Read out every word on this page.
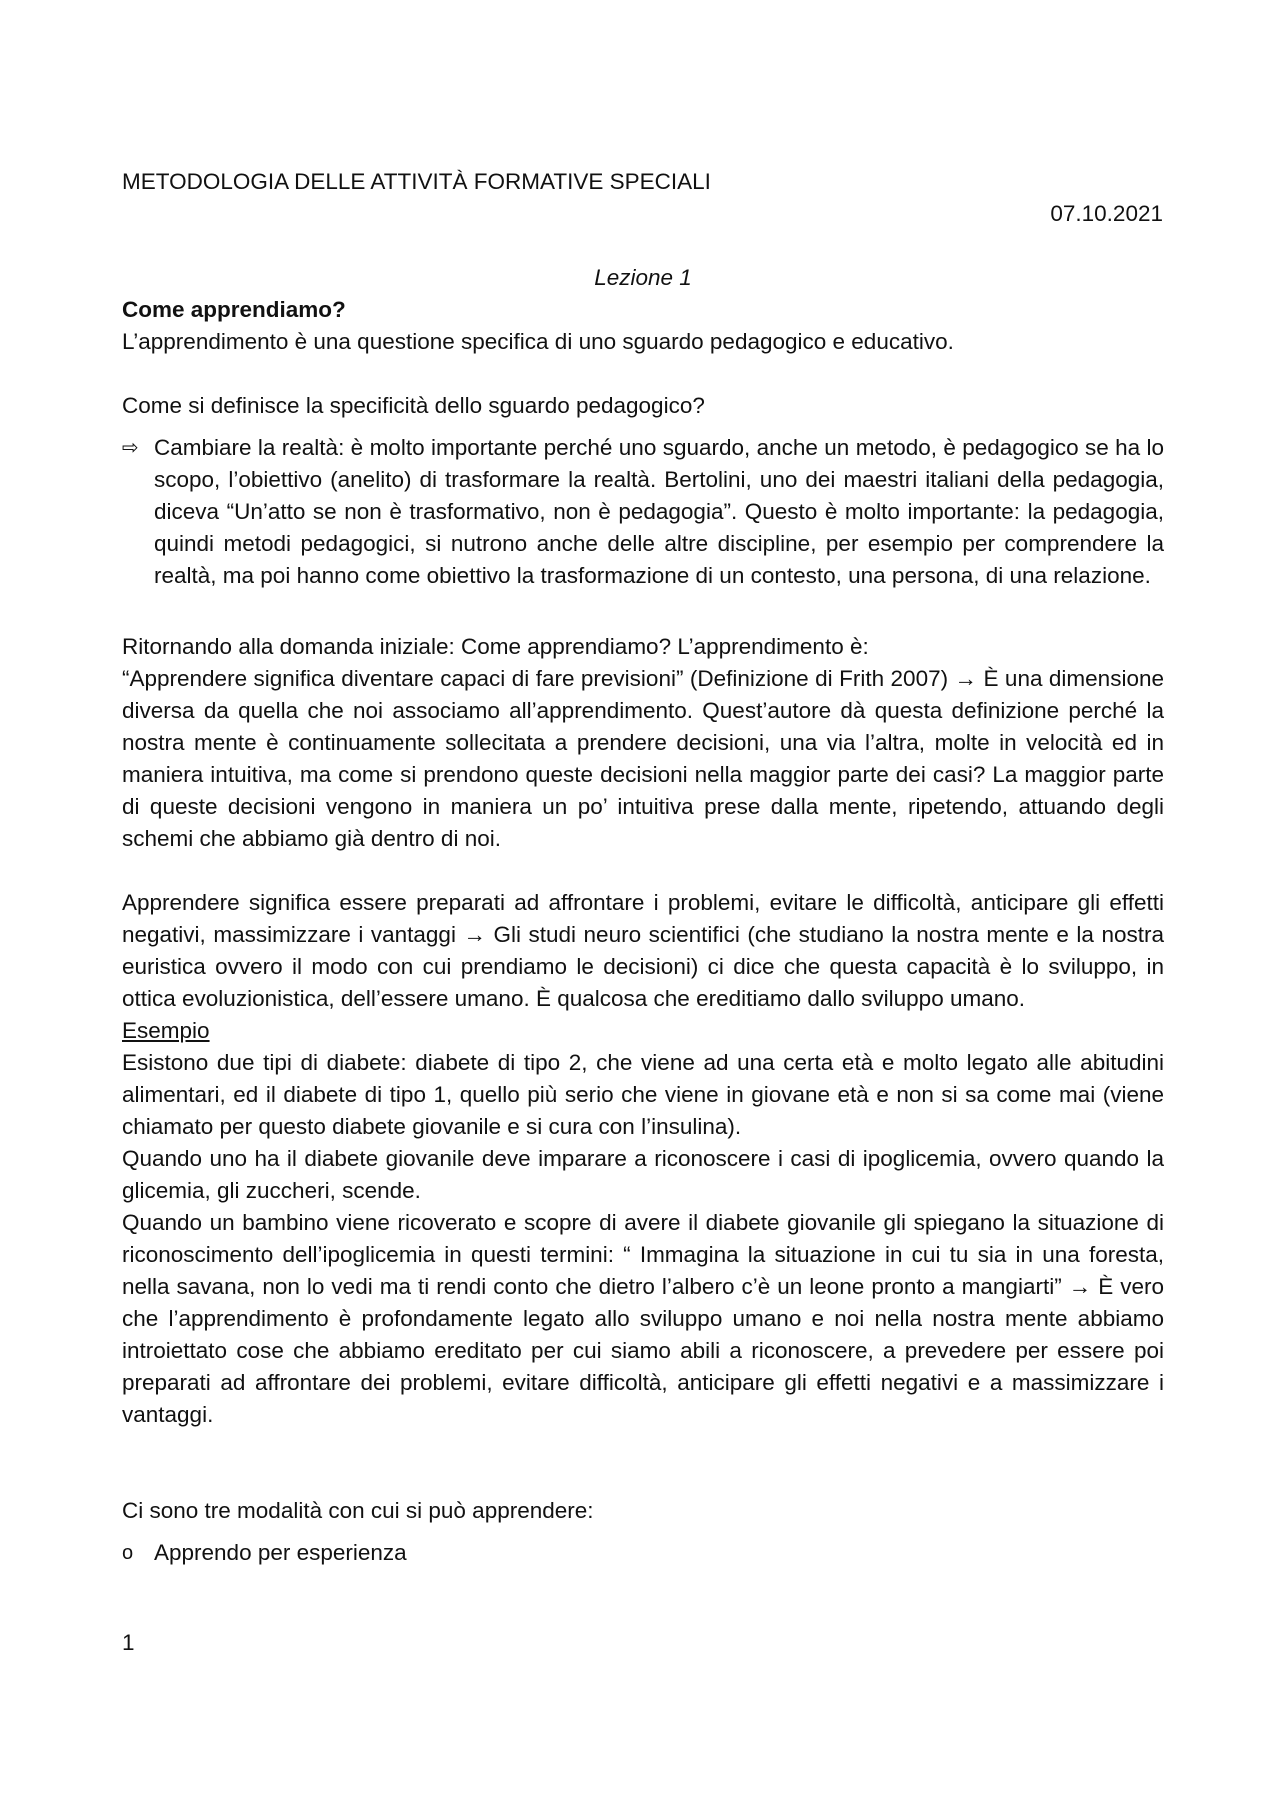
METODOLOGIA DELLE ATTIVITÀ FORMATIVE SPECIALI
07.10.2021
Lezione 1

Come apprendiamo?

L’apprendimento è una questione specifica di uno sguardo pedagogico e educativo.

Come si definisce la specificità dello sguardo pedagogico?

⇨ Cambiare la realtà: è molto importante perché uno sguardo, anche un metodo, è pedagogico se ha lo scopo, l’obiettivo (anelito) di trasformare la realtà. Bertolini, uno dei maestri italiani della pedagogia, diceva “Un’atto se non è trasformativo, non è pedagogia”. Questo è molto importante: la pedagogia, quindi metodi pedagogici, si nutrono anche delle altre discipline, per esempio per comprendere la realtà, ma poi hanno come obiettivo la trasformazione di un contesto, una persona, di una relazione.

Ritornando alla domanda iniziale: Come apprendiamo? L’apprendimento è:

“Apprendere significa diventare capaci di fare previsioni” (Definizione di Frith 2007) → È una dimensione diversa da quella che noi associamo all’apprendimento. Quest’autore dà questa definizione perché la nostra mente è continuamente sollecitata a prendere decisioni, una via l’altra, molte in velocità ed in maniera intuitiva, ma come si prendono queste decisioni nella maggior parte dei casi? La maggior parte di queste decisioni vengono in maniera un po’ intuitiva prese dalla mente, ripetendo, attuando degli schemi che abbiamo già dentro di noi.

Apprendere significa essere preparati ad affrontare i problemi, evitare le difficoltà, anticipare gli effetti negativi, massimizzare i vantaggi → Gli studi neuro scientifici (che studiano la nostra mente e la nostra euristica ovvero il modo con cui prendiamo le decisioni) ci dice che questa capacità è lo sviluppo, in ottica evoluzionistica, dell’essere umano. È qualcosa che ereditiamo dallo sviluppo umano.

Esempio

Esistono due tipi di diabete: diabete di tipo 2, che viene ad una certa età e molto legato alle abitudini alimentari, ed il diabete di tipo 1, quello più serio che viene in giovane età e non si sa come mai (viene chiamato per questo diabete giovanile e si cura con l’insulina).

Quando uno ha il diabete giovanile deve imparare a riconoscere i casi di ipoglicemia, ovvero quando la glicemia, gli zuccheri, scende.

Quando un bambino viene ricoverato e scopre di avere il diabete giovanile gli spiegano la situazione di riconoscimento dell’ipoglicemia in questi termini: “ Immagina la situazione in cui tu sia in una foresta, nella savana, non lo vedi ma ti rendi conto che dietro l’albero c’è un leone pronto a mangiarti” → È vero che l’apprendimento è profondamente legato allo sviluppo umano e noi nella nostra mente abbiamo introiettato cose che abbiamo ereditato per cui siamo abili a riconoscere, a prevedere per essere poi preparati ad affrontare dei problemi, evitare difficoltà, anticipare gli effetti negativi e a massimizzare i vantaggi.

Ci sono tre modalità con cui si può apprendere:

o Apprendo per esperienza

1
